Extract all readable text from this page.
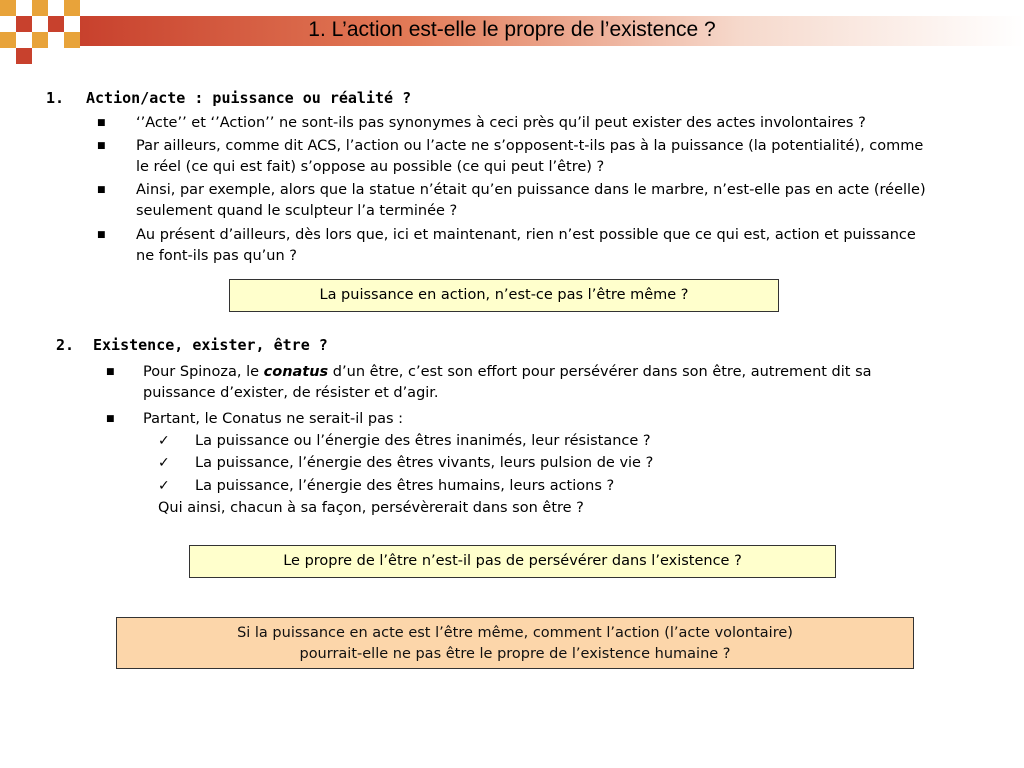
1. L’action est-elle le propre de l’existence ?
1. Action/acte : puissance ou réalité ?
■ ‘’Acte’’ et ‘’Action’’ ne sont-ils pas synonymes à ceci près qu’il peut exister des actes involontaires ?
■ Par ailleurs, comme dit ACS, l’action ou l’acte ne s’opposent-t-ils pas à la puissance (la potentialité), comme
le réel (ce qui est fait) s’oppose au possible (ce qui peut l’être) ?
■ Ainsi, par exemple, alors que la statue n’était qu’en puissance dans le marbre, n’est-elle pas en acte (réelle)
seulement quand le sculpteur l’a terminée ?
■ Au présent d’ailleurs, dès lors que, ici et maintenant, rien n’est possible que ce qui est, action et puissance
ne font-ils pas qu’un ?
La puissance en action, n’est-ce pas l’être même ?
2. Existence, exister, être ?
■ Pour Spinoza, le conatus d’un être, c’est son effort pour persévérer dans son être, autrement dit sa
puissance d’exister, de résister et d’agir.
■ Partant, le Conatus ne serait-il pas :
✓ La puissance ou l’énergie des êtres inanimés, leur résistance ?
✓ La puissance, l’énergie des êtres vivants, leurs pulsion de vie ?
✓ La puissance, l’énergie des êtres humains, leurs actions ?
Qui ainsi, chacun à sa façon, persévèrerait dans son être ?
Le propre de l’être n’est-il pas de persévérer dans l’existence ?
Si la puissance en acte est l’être même, comment l’action (l’acte volontaire)
pourrait-elle ne pas être le propre de l’existence humaine ?
